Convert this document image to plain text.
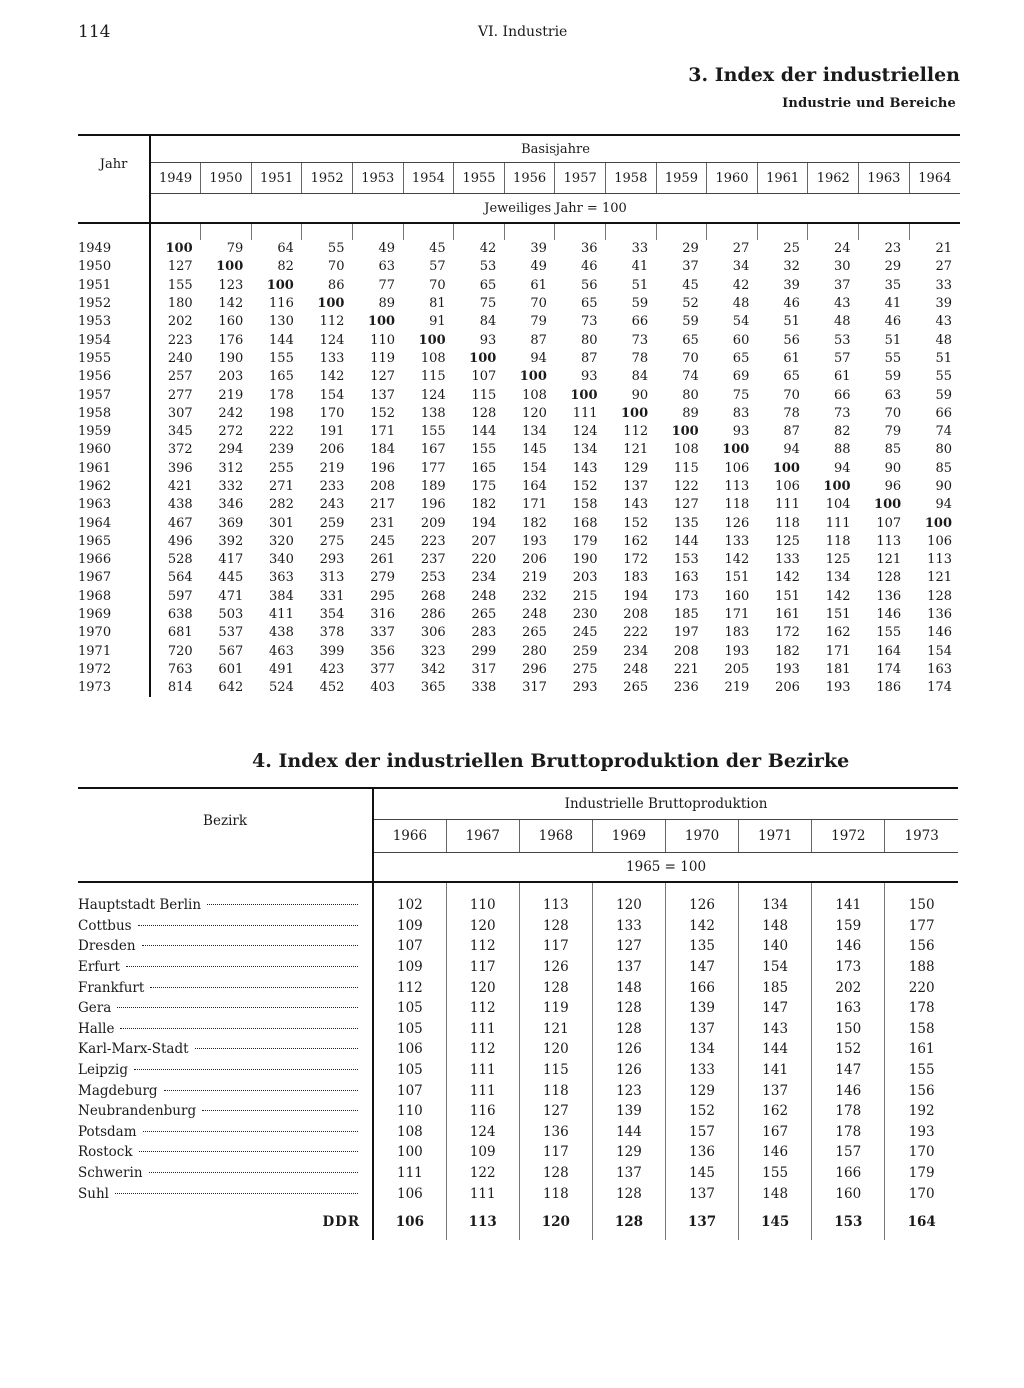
114	VI. Industrie
3. Index der industriellen
Industrie und Bereiche

Jahr	Basisjahre															
	1949	1950	1951	1952	1953	1954	1955	1956	1957	1958	1959	1960	1961	1962	1963	1964
	Jeweiliges Jahr = 100															

1949	100	79	64	55	49	45	42	39	36	33	29	27	25	24	23	21
1950	127	100	82	70	63	57	53	49	46	41	37	34	32	30	29	27
1951	155	123	100	86	77	70	65	61	56	51	45	42	39	37	35	33
1952	180	142	116	100	89	81	75	70	65	59	52	48	46	43	41	39
1953	202	160	130	112	100	91	84	79	73	66	59	54	51	48	46	43
1954	223	176	144	124	110	100	93	87	80	73	65	60	56	53	51	48
1955	240	190	155	133	119	108	100	94	87	78	70	65	61	57	55	51
1956	257	203	165	142	127	115	107	100	93	84	74	69	65	61	59	55
1957	277	219	178	154	137	124	115	108	100	90	80	75	70	66	63	59
1958	307	242	198	170	152	138	128	120	111	100	89	83	78	73	70	66
1959	345	272	222	191	171	155	144	134	124	112	100	93	87	82	79	74
1960	372	294	239	206	184	167	155	145	134	121	108	100	94	88	85	80
1961	396	312	255	219	196	177	165	154	143	129	115	106	100	94	90	85
1962	421	332	271	233	208	189	175	164	152	137	122	113	106	100	96	90
1963	438	346	282	243	217	196	182	171	158	143	127	118	111	104	100	94
1964	467	369	301	259	231	209	194	182	168	152	135	126	118	111	107	100
1965	496	392	320	275	245	223	207	193	179	162	144	133	125	118	113	106
1966	528	417	340	293	261	237	220	206	190	172	153	142	133	125	121	113
1967	564	445	363	313	279	253	234	219	203	183	163	151	142	134	128	121
1968	597	471	384	331	295	268	248	232	215	194	173	160	151	142	136	128
1969	638	503	411	354	316	286	265	248	230	208	185	171	161	151	146	136
1970	681	537	438	378	337	306	283	265	245	222	197	183	172	162	155	146
1971	720	567	463	399	356	323	299	280	259	234	208	193	182	171	164	154
1972	763	601	491	423	377	342	317	296	275	248	221	205	193	181	174	163
1973	814	642	524	452	403	365	338	317	293	265	236	219	206	193	186	174
4. Index der industriellen Bruttoproduktion der Bezirke

Bezirk	Industrielle Bruttoproduktion							
	1966	1967	1968	1969	1970	1971	1972	1973
	1965 = 100							

Hauptstadt Berlin	102	110	113	120	126	134	141	150

Cottbus	109	120	128	133	142	148	159	177

Dresden	107	112	117	127	135	140	146	156

Erfurt	109	117	126	137	147	154	173	188

Frankfurt	112	120	128	148	166	185	202	220

Gera	105	112	119	128	139	147	163	178

Halle	105	111	121	128	137	143	150	158

Karl-Marx-Stadt	106	112	120	126	134	144	152	161

Leipzig	105	111	115	126	133	141	147	155

Magdeburg	107	111	118	123	129	137	146	156

Neubrandenburg	110	116	127	139	152	162	178	192

Potsdam	108	124	136	144	157	167	178	193

Rostock	100	109	117	129	136	146	157	170

Schwerin	111	122	128	137	145	155	166	179

Suhl	106	111	118	128	137	148	160	170
DDR	106	113	120	128	137	145	153	164
